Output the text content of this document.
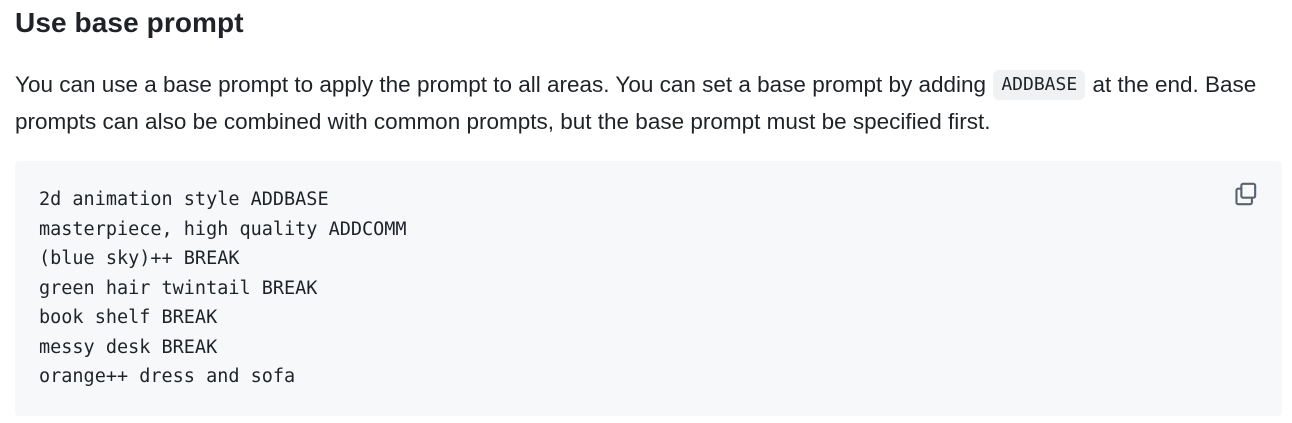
Use base prompt

You can use a base prompt to apply the prompt to all areas. You can set a base prompt by adding ADDBASE at the end. Base prompts can also be combined with common prompts, but the base prompt must be specified first.

2d animation style ADDBASE
masterpiece, high quality ADDCOMM
(blue sky)++ BREAK
green hair twintail BREAK
book shelf BREAK
messy desk BREAK
orange++ dress and sofa
